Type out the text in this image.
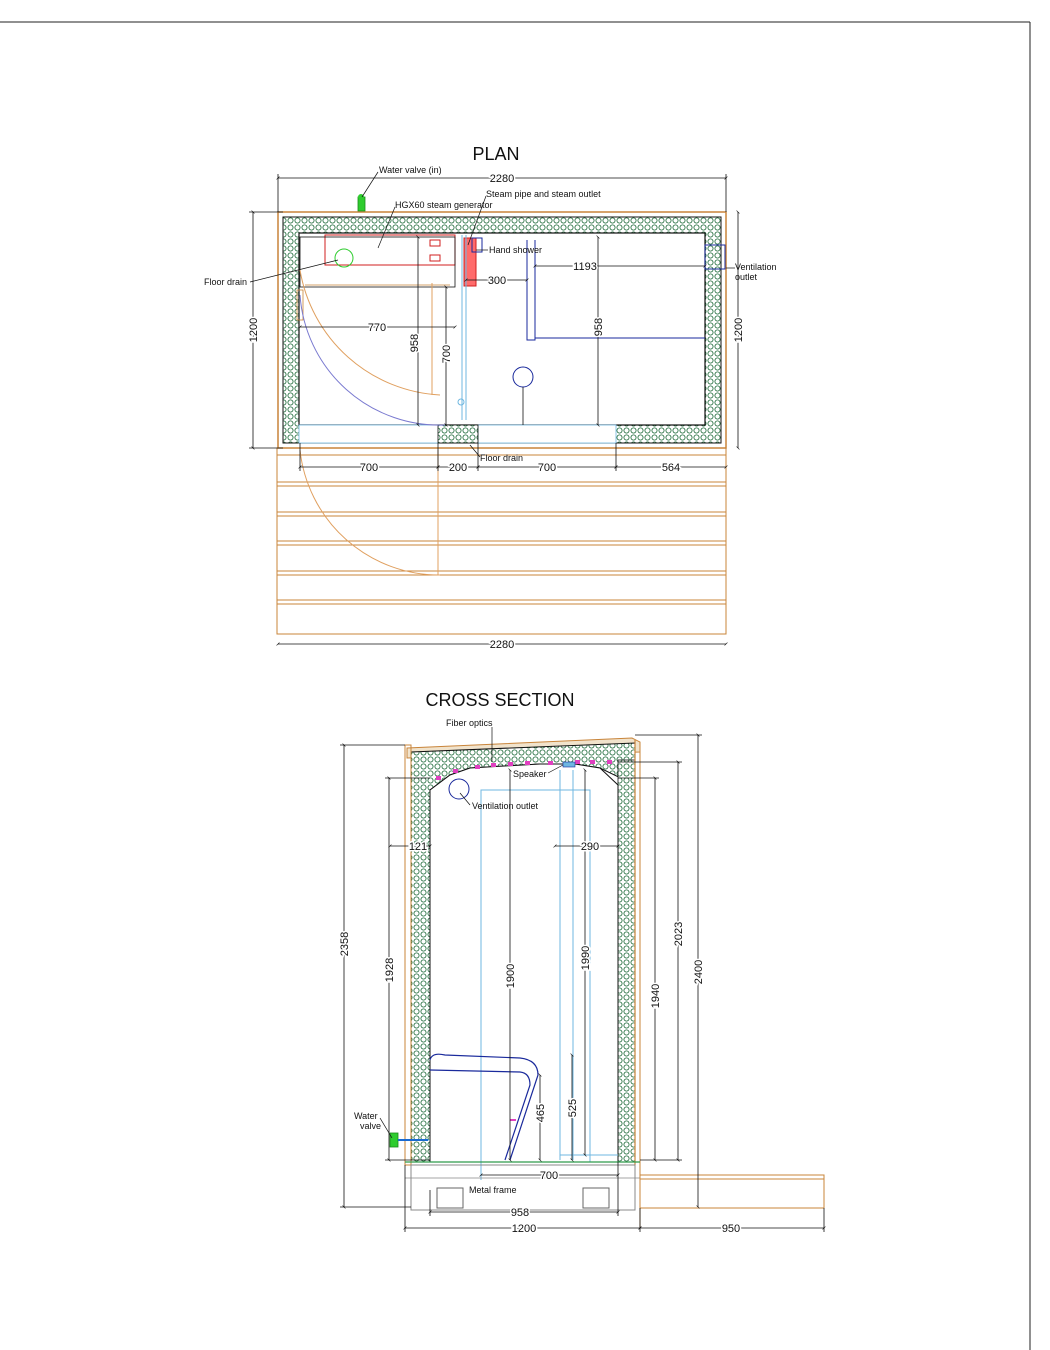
PLAN
Water valve (in)
Steam pipe and steam outlet
HGX60 steam generator
Hand shower
Floor drain
Floor drain
Ventilation
outlet
2280
2280
1200	1200
770
958
700
300
1193
958
700	200	700	564
CROSS SECTION
Fiber optics
Speaker
Ventilation outlet
Water
valve
Metal frame
2358
1928
121	290
1900
1990
2023
1940
2400
465 525
700
958
1200	950
